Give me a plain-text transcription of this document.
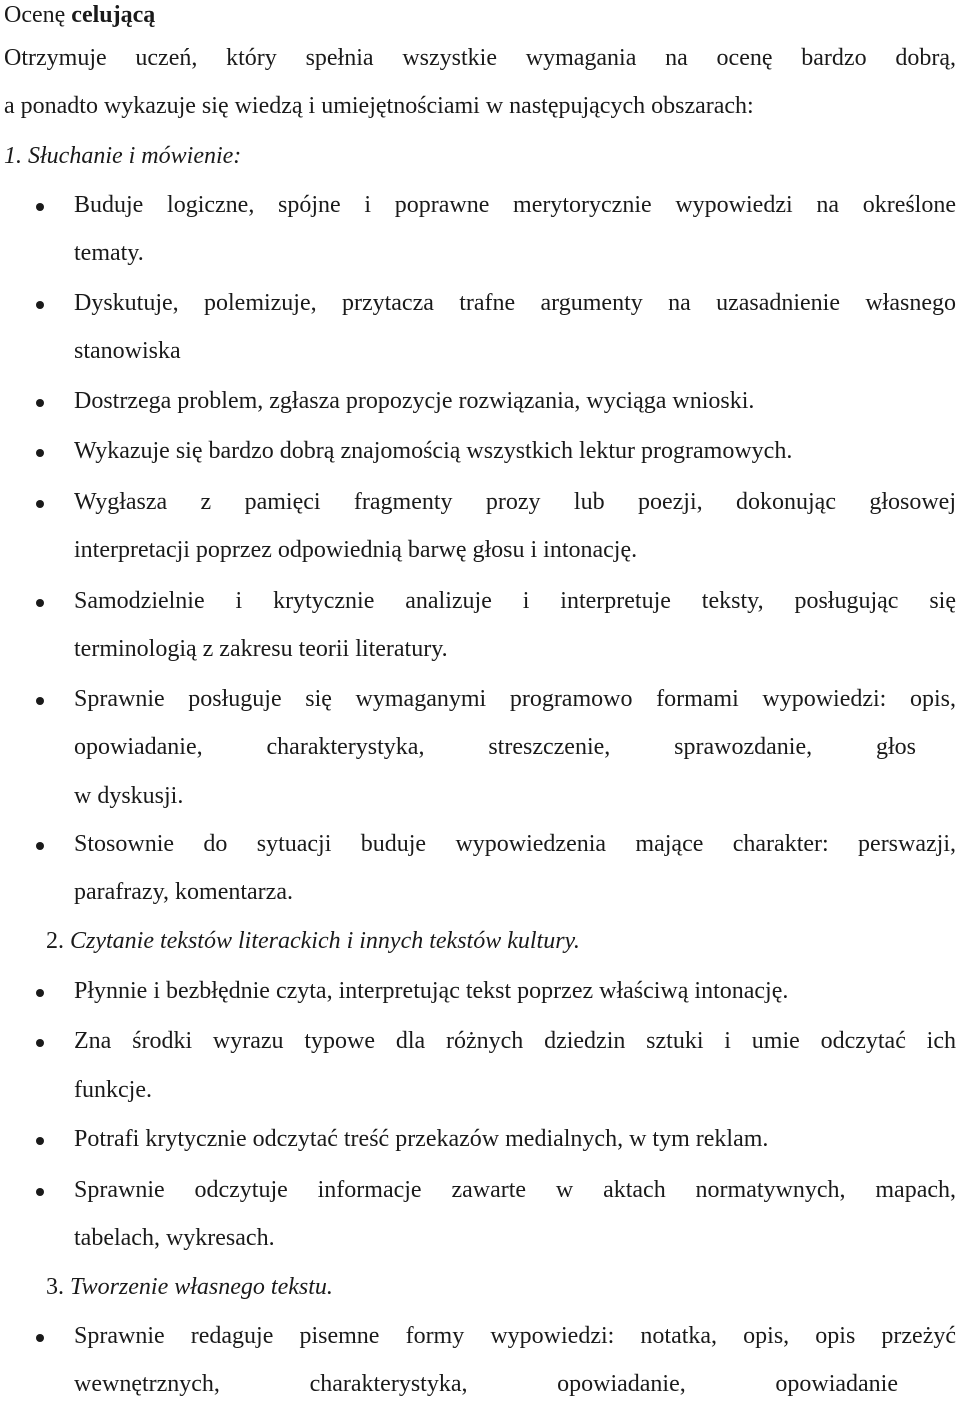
Ocenę celującą
Otrzymuje uczeń, który spełnia wszystkie wymagania na ocenę bardzo dobrą,
a ponadto wykazuje się wiedzą i umiejętnościami w następujących obszarach:
1. Słuchanie i mówienie:
Buduje logiczne, spójne i poprawne merytorycznie wypowiedzi na określone
tematy.
Dyskutuje, polemizuje, przytacza trafne argumenty na uzasadnienie własnego
stanowiska
Dostrzega problem, zgłasza propozycje rozwiązania, wyciąga wnioski.
Wykazuje się bardzo dobrą znajomością wszystkich lektur programowych.
Wygłasza z pamięci fragmenty prozy lub poezji, dokonując głosowej
interpretacji poprzez odpowiednią barwę głosu i intonację.
Samodzielnie i krytycznie analizuje i interpretuje teksty, posługując się
terminologią z zakresu teorii literatury.
Sprawnie posługuje się wymaganymi programowo formami wypowiedzi: opis,
opowiadanie, charakterystyka, streszczenie, sprawozdanie, głos
w dyskusji.
Stosownie do sytuacji buduje wypowiedzenia mające charakter: perswazji,
parafrazy, komentarza.
2. Czytanie tekstów literackich i innych tekstów kultury.
Płynnie i bezbłędnie czyta, interpretując tekst poprzez właściwą intonację.
Zna środki wyrazu typowe dla różnych dziedzin sztuki i umie odczytać ich
funkcje.
Potrafi krytycznie odczytać treść przekazów medialnych, w tym reklam.
Sprawnie odczytuje informacje zawarte w aktach normatywnych, mapach,
tabelach, wykresach.
3. Tworzenie własnego tekstu.
Sprawnie redaguje pisemne formy wypowiedzi: notatka, opis, opis przeżyć
wewnętrznych, charakterystyka, opowiadanie, opowiadanie
